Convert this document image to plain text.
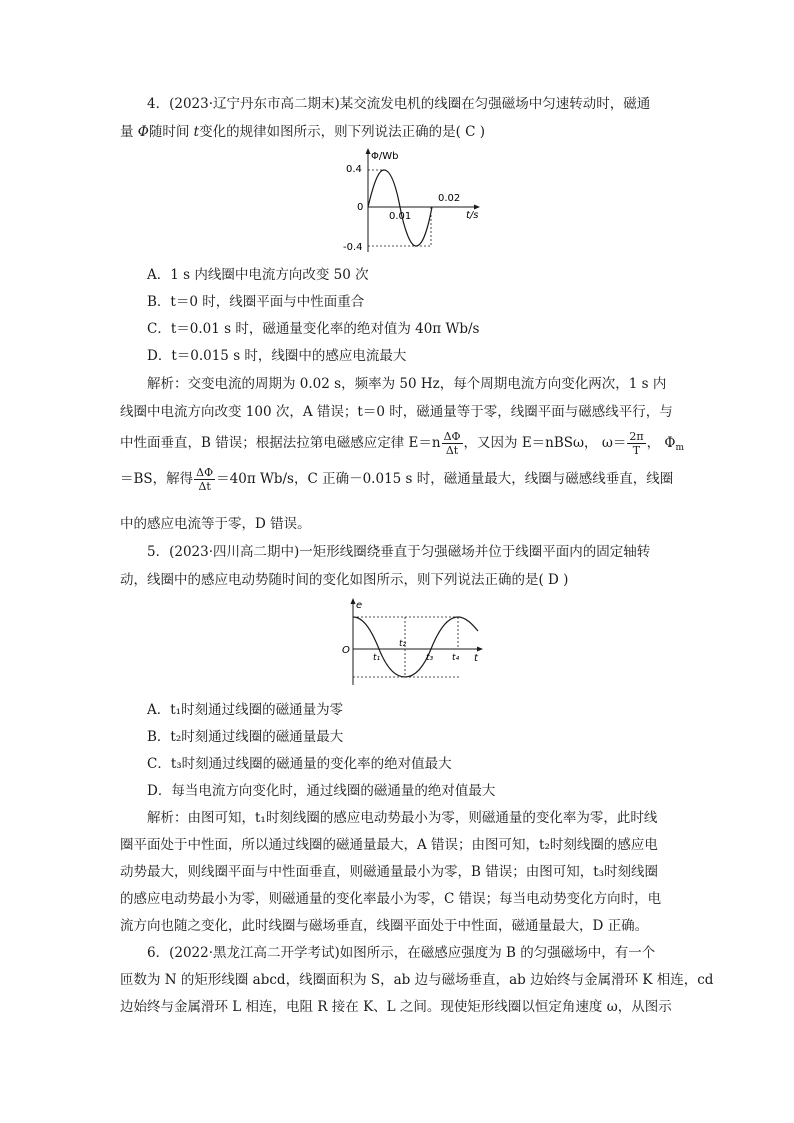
4．(2023·辽宁丹东市高二期末)某交流发电机的线圈在匀强磁场中匀速转动时，磁通
量 Φ随时间 t变化的规律如图所示，则下列说法正确的是( C )
Φ/Wb
t/s
0.4
0
-0.4
0.01
0.02
A．1 s 内线圈中电流方向改变 50 次
B．t＝0 时，线圈平面与中性面重合
C．t＝0.01 s 时，磁通量变化率的绝对值为 40π Wb/s
D．t＝0.015 s 时，线圈中的感应电流最大
解析：交变电流的周期为 0.02 s，频率为 50 Hz，每个周期电流方向变化两次，1 s 内
线圈中电流方向改变 100 次，A 错误；t＝0 时，磁通量等于零，线圈平面与磁感线平行，与
中性面垂直，B 错误；根据法拉第电磁感应定律 $E=n \frac{\Delta\Phi}{\Delta t}$ ，又因为 E＝nBSω， $\omega= \frac{2\pi}{T}$ ， $\Phi_m$
＝BS，解得 $\frac{\Delta\Phi}{\Delta t} =40\pi$ Wb/s，C 正确－0.015 s 时，磁通量最大，线圈与磁感线垂直，线圈
中的感应电流等于零，D 错误。
5．(2023·四川高二期中)一矩形线圈绕垂直于匀强磁场并位于线圈平面内的固定轴转
动，线圈中的感应电动势随时间的变化如图所示，则下列说法正确的是( D )
e
t
O
t₁
t₂
t₃ t₄
A．t₁时刻通过线圈的磁通量为零
B．t₂时刻通过线圈的磁通量最大
C．t₃时刻通过线圈的磁通量的变化率的绝对值最大
D．每当电流方向变化时，通过线圈的磁通量的绝对值最大
解析：由图可知，t₁时刻线圈的感应电动势最小为零，则磁通量的变化率为零，此时线
圈平面处于中性面，所以通过线圈的磁通量最大，A 错误；由图可知，t₂时刻线圈的感应电
动势最大，则线圈平面与中性面垂直，则磁通量最小为零，B 错误；由图可知，t₃时刻线圈
的感应电动势最小为零，则磁通量的变化率最小为零，C 错误；每当电动势变化方向时，电
流方向也随之变化，此时线圈与磁场垂直，线圈平面处于中性面，磁通量最大，D 正确。
6．(2022·黑龙江高二开学考试)如图所示，在磁感应强度为 B 的匀强磁场中，有一个
匝数为 N 的矩形线圈 abcd，线圈面积为 S，ab 边与磁场垂直，ab 边始终与金属滑环 K 相连，cd
边始终与金属滑环 L 相连，电阻 R 接在 K、L 之间。现使矩形线圈以恒定角速度 ω，从图示
